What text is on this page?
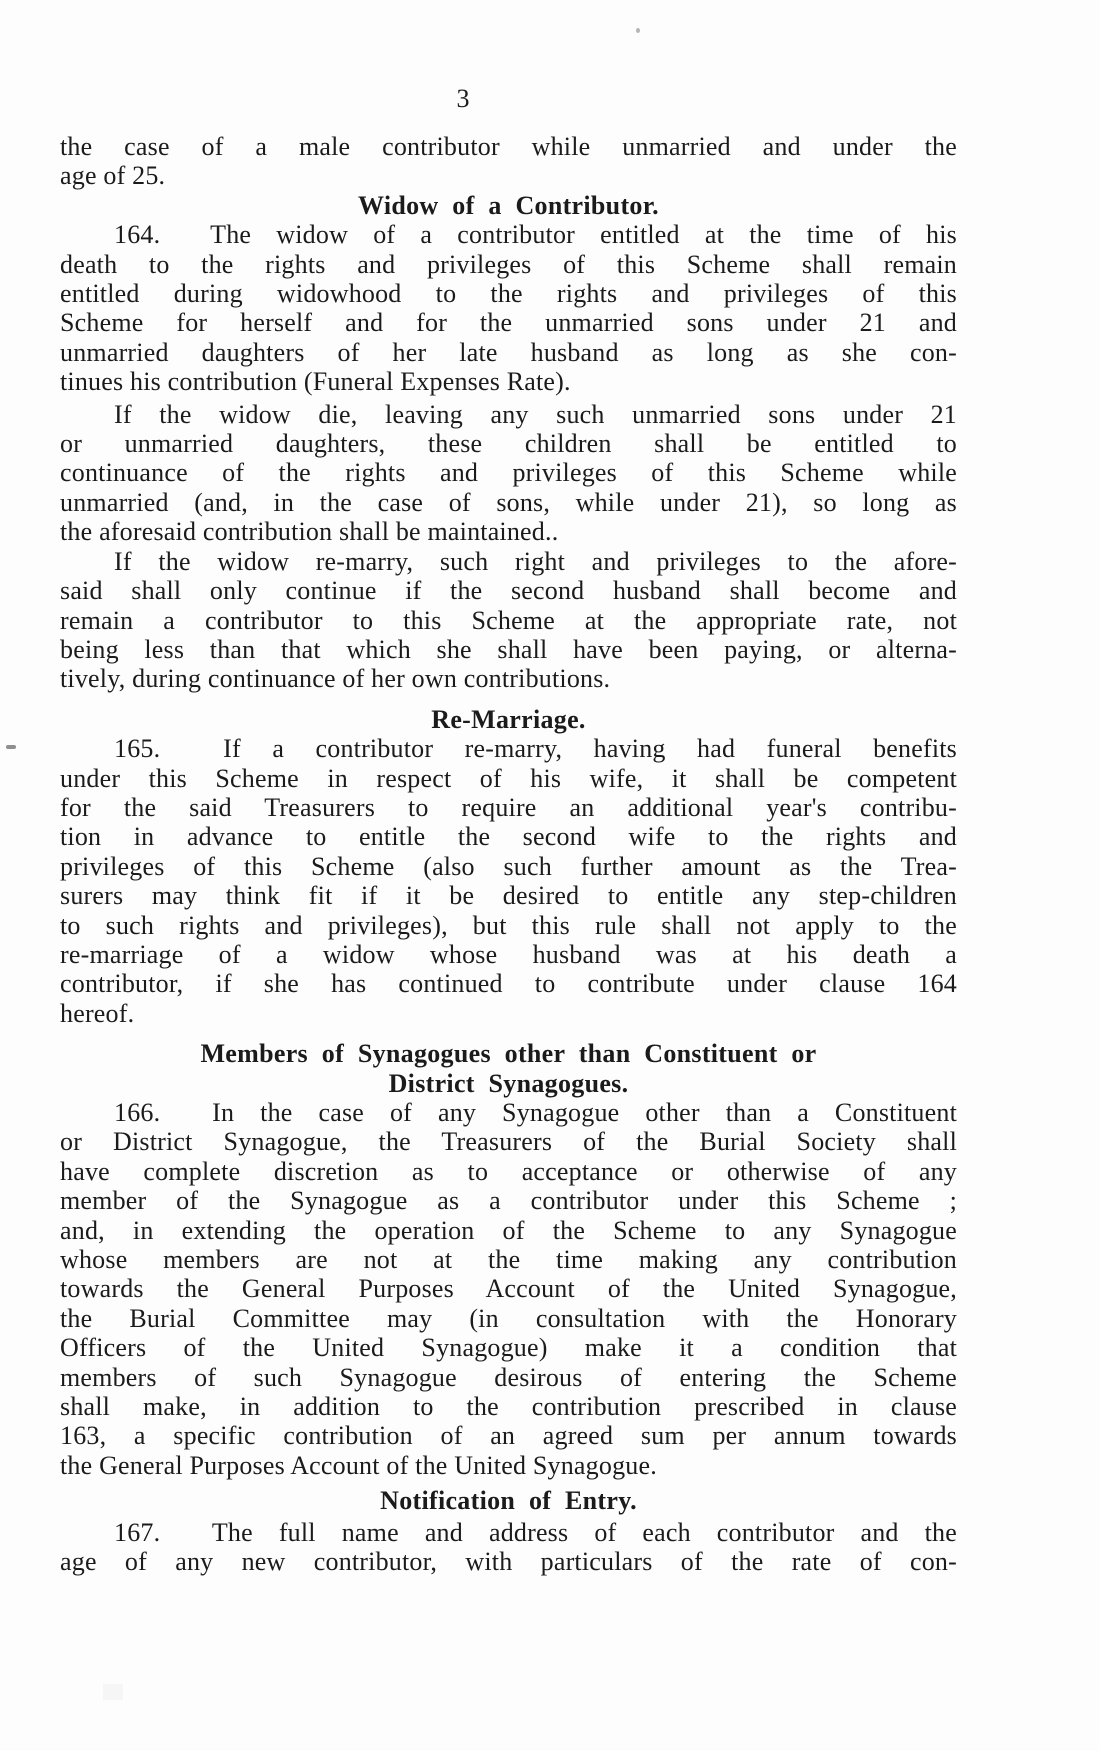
3
the case of a male contributor while unmarried and under the
age of 25.
Widow of a Contributor.
164.  The widow of a contributor entitled at the time of his
death to the rights and privileges of this Scheme shall remain
entitled during widowhood to the rights and privileges of this
Scheme for herself and for the unmarried sons under 21 and
unmarried daughters of her late husband as long as she con-
tinues his contribution (Funeral Expenses Rate).
If the widow die, leaving any such unmarried sons under 21
or unmarried daughters, these children shall be entitled to
continuance of the rights and privileges of this Scheme while
unmarried (and, in the case of sons, while under 21), so long as
the aforesaid contribution shall be maintained..
If the widow re-marry, such right and privileges to the afore-
said shall only continue if the second husband shall become and
remain a contributor to this Scheme at the appropriate rate, not
being less than that which she shall have been paying, or alterna-
tively, during continuance of her own contributions.
Re-Marriage.
165.  If a contributor re-marry, having had funeral benefits
under this Scheme in respect of his wife, it shall be competent
for the said Treasurers to require an additional year's contribu-
tion in advance to entitle the second wife to the rights and
privileges of this Scheme (also such further amount as the Trea-
surers may think fit if it be desired to entitle any step-children
to such rights and privileges), but this rule shall not apply to the
re-marriage of a widow whose husband was at his death a
contributor, if she has continued to contribute under clause 164
hereof.
Members of Synagogues other than Constituent or
District Synagogues.
166.  In the case of any Synagogue other than a Constituent
or District Synagogue, the Treasurers of the Burial Society shall
have complete discretion as to acceptance or otherwise of any
member of the Synagogue as a contributor under this Scheme ;
and, in extending the operation of the Scheme to any Synagogue
whose members are not at the time making any contribution
towards the General Purposes Account of the United Synagogue,
the Burial Committee may (in consultation with the Honorary
Officers of the United Synagogue) make it a condition that
members of such Synagogue desirous of entering the Scheme
shall make, in addition to the contribution prescribed in clause
163, a specific contribution of an agreed sum per annum towards
the General Purposes Account of the United Synagogue.
Notification of Entry.
167.  The full name and address of each contributor and the
age of any new contributor, with particulars of the rate of con-
